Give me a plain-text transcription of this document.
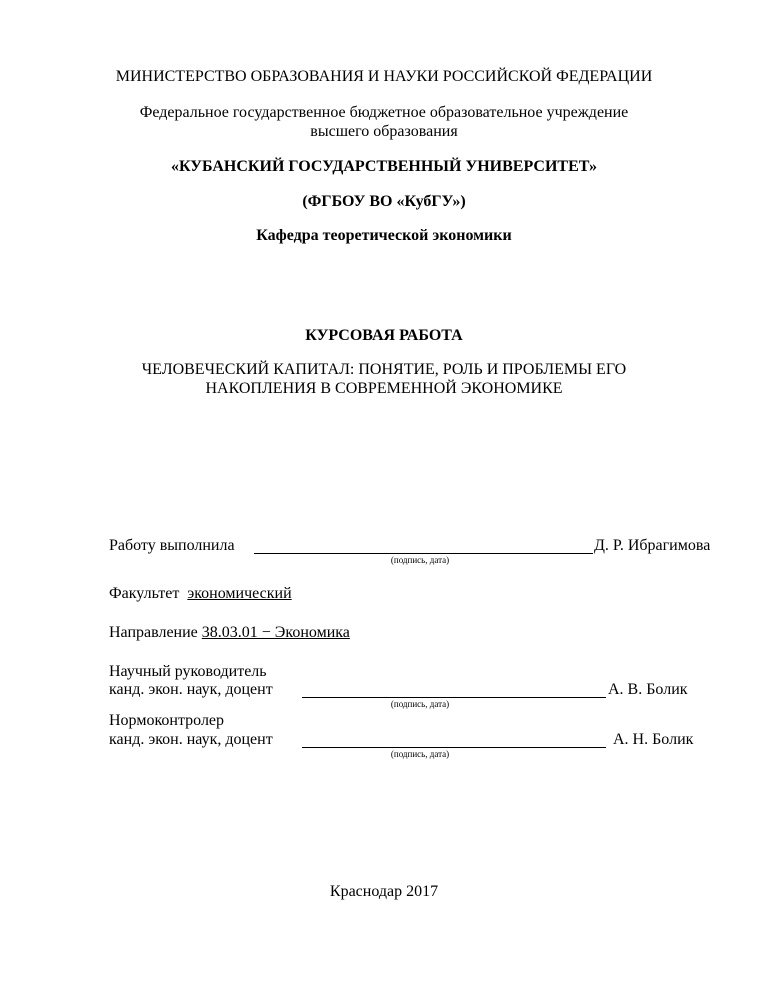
МИНИСТЕРСТВО ОБРАЗОВАНИЯ И НАУКИ РОССИЙСКОЙ ФЕДЕРАЦИИ
Федеральное государственное бюджетное образовательное учреждение
высшего образования
«КУБАНСКИЙ ГОСУДАРСТВЕННЫЙ УНИВЕРСИТЕТ»
(ФГБОУ ВО «КубГУ»)
Кафедра теоретической экономики
КУРСОВАЯ РАБОТА
ЧЕЛОВЕЧЕСКИЙ КАПИТАЛ: ПОНЯТИЕ, РОЛЬ И ПРОБЛЕМЫ ЕГО
НАКОПЛЕНИЯ В СОВРЕМЕННОЙ ЭКОНОМИКЕ
Работу выполнила	Д. Р. Ибрагимова
(подпись, дата)
Факультет экономический
Направление 38.03.01 − Экономика
Научный руководитель
канд. экон. наук, доцент	А. В. Болик
(подпись, дата)
Нормоконтролер
канд. экон. наук, доцент	А. Н. Болик
(подпись, дата)
Краснодар 2017
